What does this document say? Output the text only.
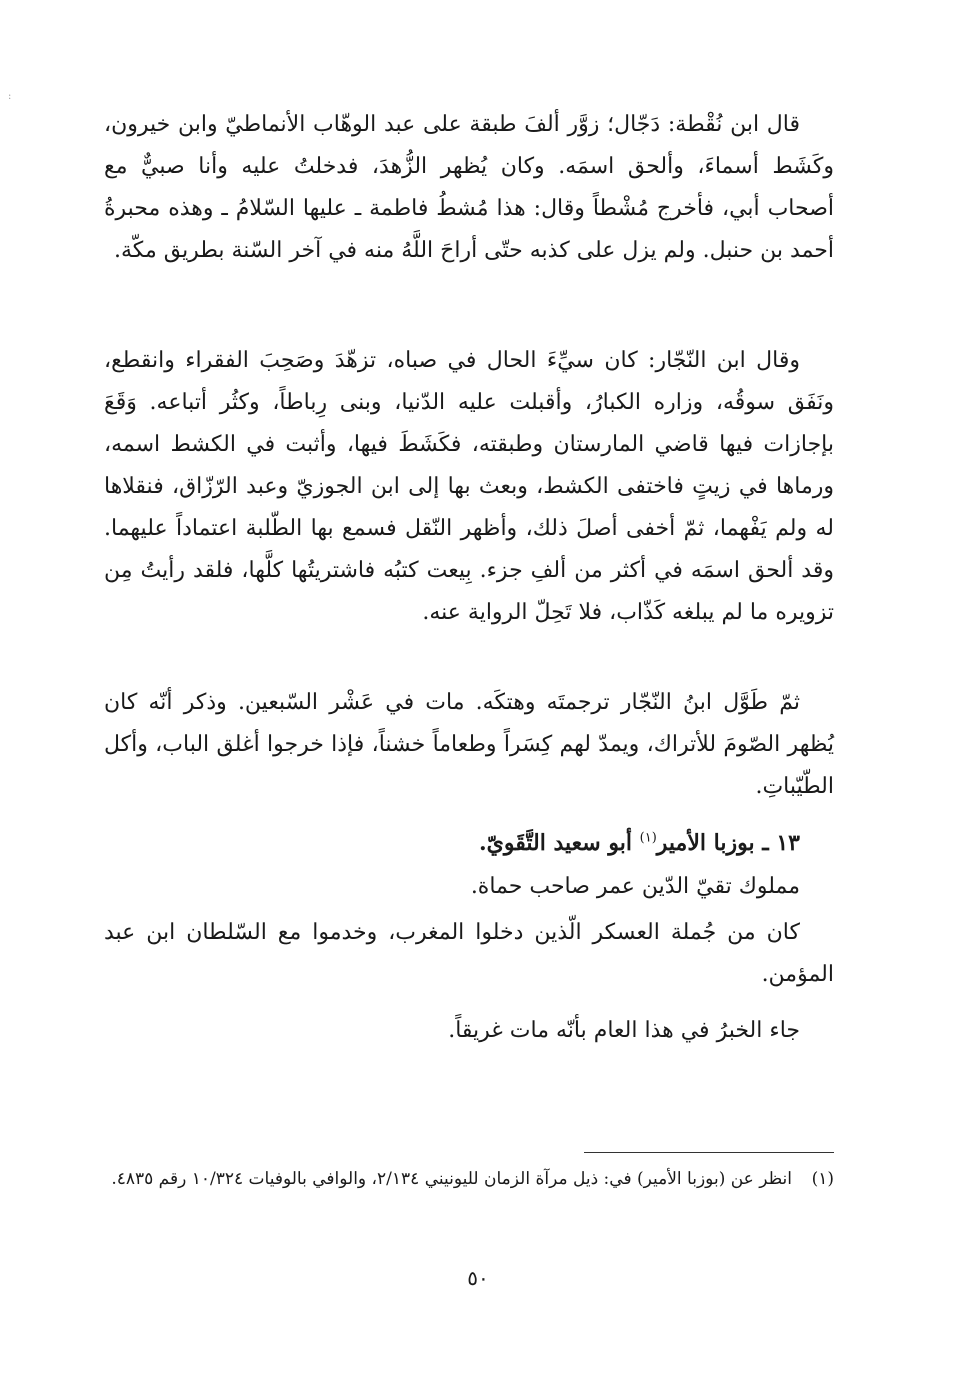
:

قال ابن نُقْطة: دَجّال؛ زوَّر ألفَ طبقة على عبد الوهّاب الأنماطيّ وابن خيرون، وكَشَط أسماءَ، وألحق اسمَه. وكان يُظهر الزُّهدَ، فدخلتُ عليه وأنا صبيٌّ مع أصحاب أبي، فأخرج مُشْطاً وقال: هذا مُشطُ فاطمة ـ عليها السّلامُ ـ وهذه محبرةُ أحمد بن حنبل. ولم يزل على كذبه حتّى أراحَ اللَّهُ منه في آخر السّنة بطريق مكّة.

وقال ابن النّجّار: كان سيِّءَ الحال في صباه، تزهّدَ وصَحِبَ الفقراء وانقطع، ونَفَق سوقُه، وزاره الكبارُ، وأقبلت عليه الدّنيا، وبنى رِباطاً، وكثُر أتباعه. وَقَعَ بإجازات فيها قاضي المارستان وطبقته، فكَشَطَ فيها، وأثبت في الكشط اسمه، ورماها في زيتٍ فاختفى الكشط، وبعث بها إلى ابن الجوزيّ وعبد الرّزّاق، فنقلاها له ولم يَفْهما، ثمّ أخفى أصلَ ذلك، وأظهر النّقل فسمع بها الطّلبة اعتماداً عليهما. وقد ألحق اسمَه في أكثر من ألفِ جزء. بِيعت كتبُه فاشتريتُها كلَّها، فلقد رأيتُ مِن تزويره ما لم يبلغه كَذّاب، فلا تَحِلّ الرواية عنه.

ثمّ طَوَّل ابنُ النّجّار ترجمتَه وهتكَه. مات في عَشْر السّبعين. وذكر أنّه كان يُظهر الصّومَ للأتراك، ويمدّ لهم كِسَراً وطعاماً خشناً، فإذا خرجوا أغلق الباب، وأكل الطّيّباتِ.

١٣ ـ بوزبا الأمير$^{(١)}$ أبو سعيد التَّقَويّ.
مملوك تقيّ الدّين عمر صاحب حماة.
كان من جُملة العسكر الّذين دخلوا المغرب، وخدموا مع السّلطان ابن عبد المؤمن.
جاء الخبرُ في هذا العام بأنّه مات غريقاً.
(١)
انظر عن (بوزبا الأمير) في: ذيل مرآة الزمان لليونيني ٢/١٣٤، والوافي بالوفيات ١٠/٣٢٤ رقم ٤٨٣٥.
٥٠
